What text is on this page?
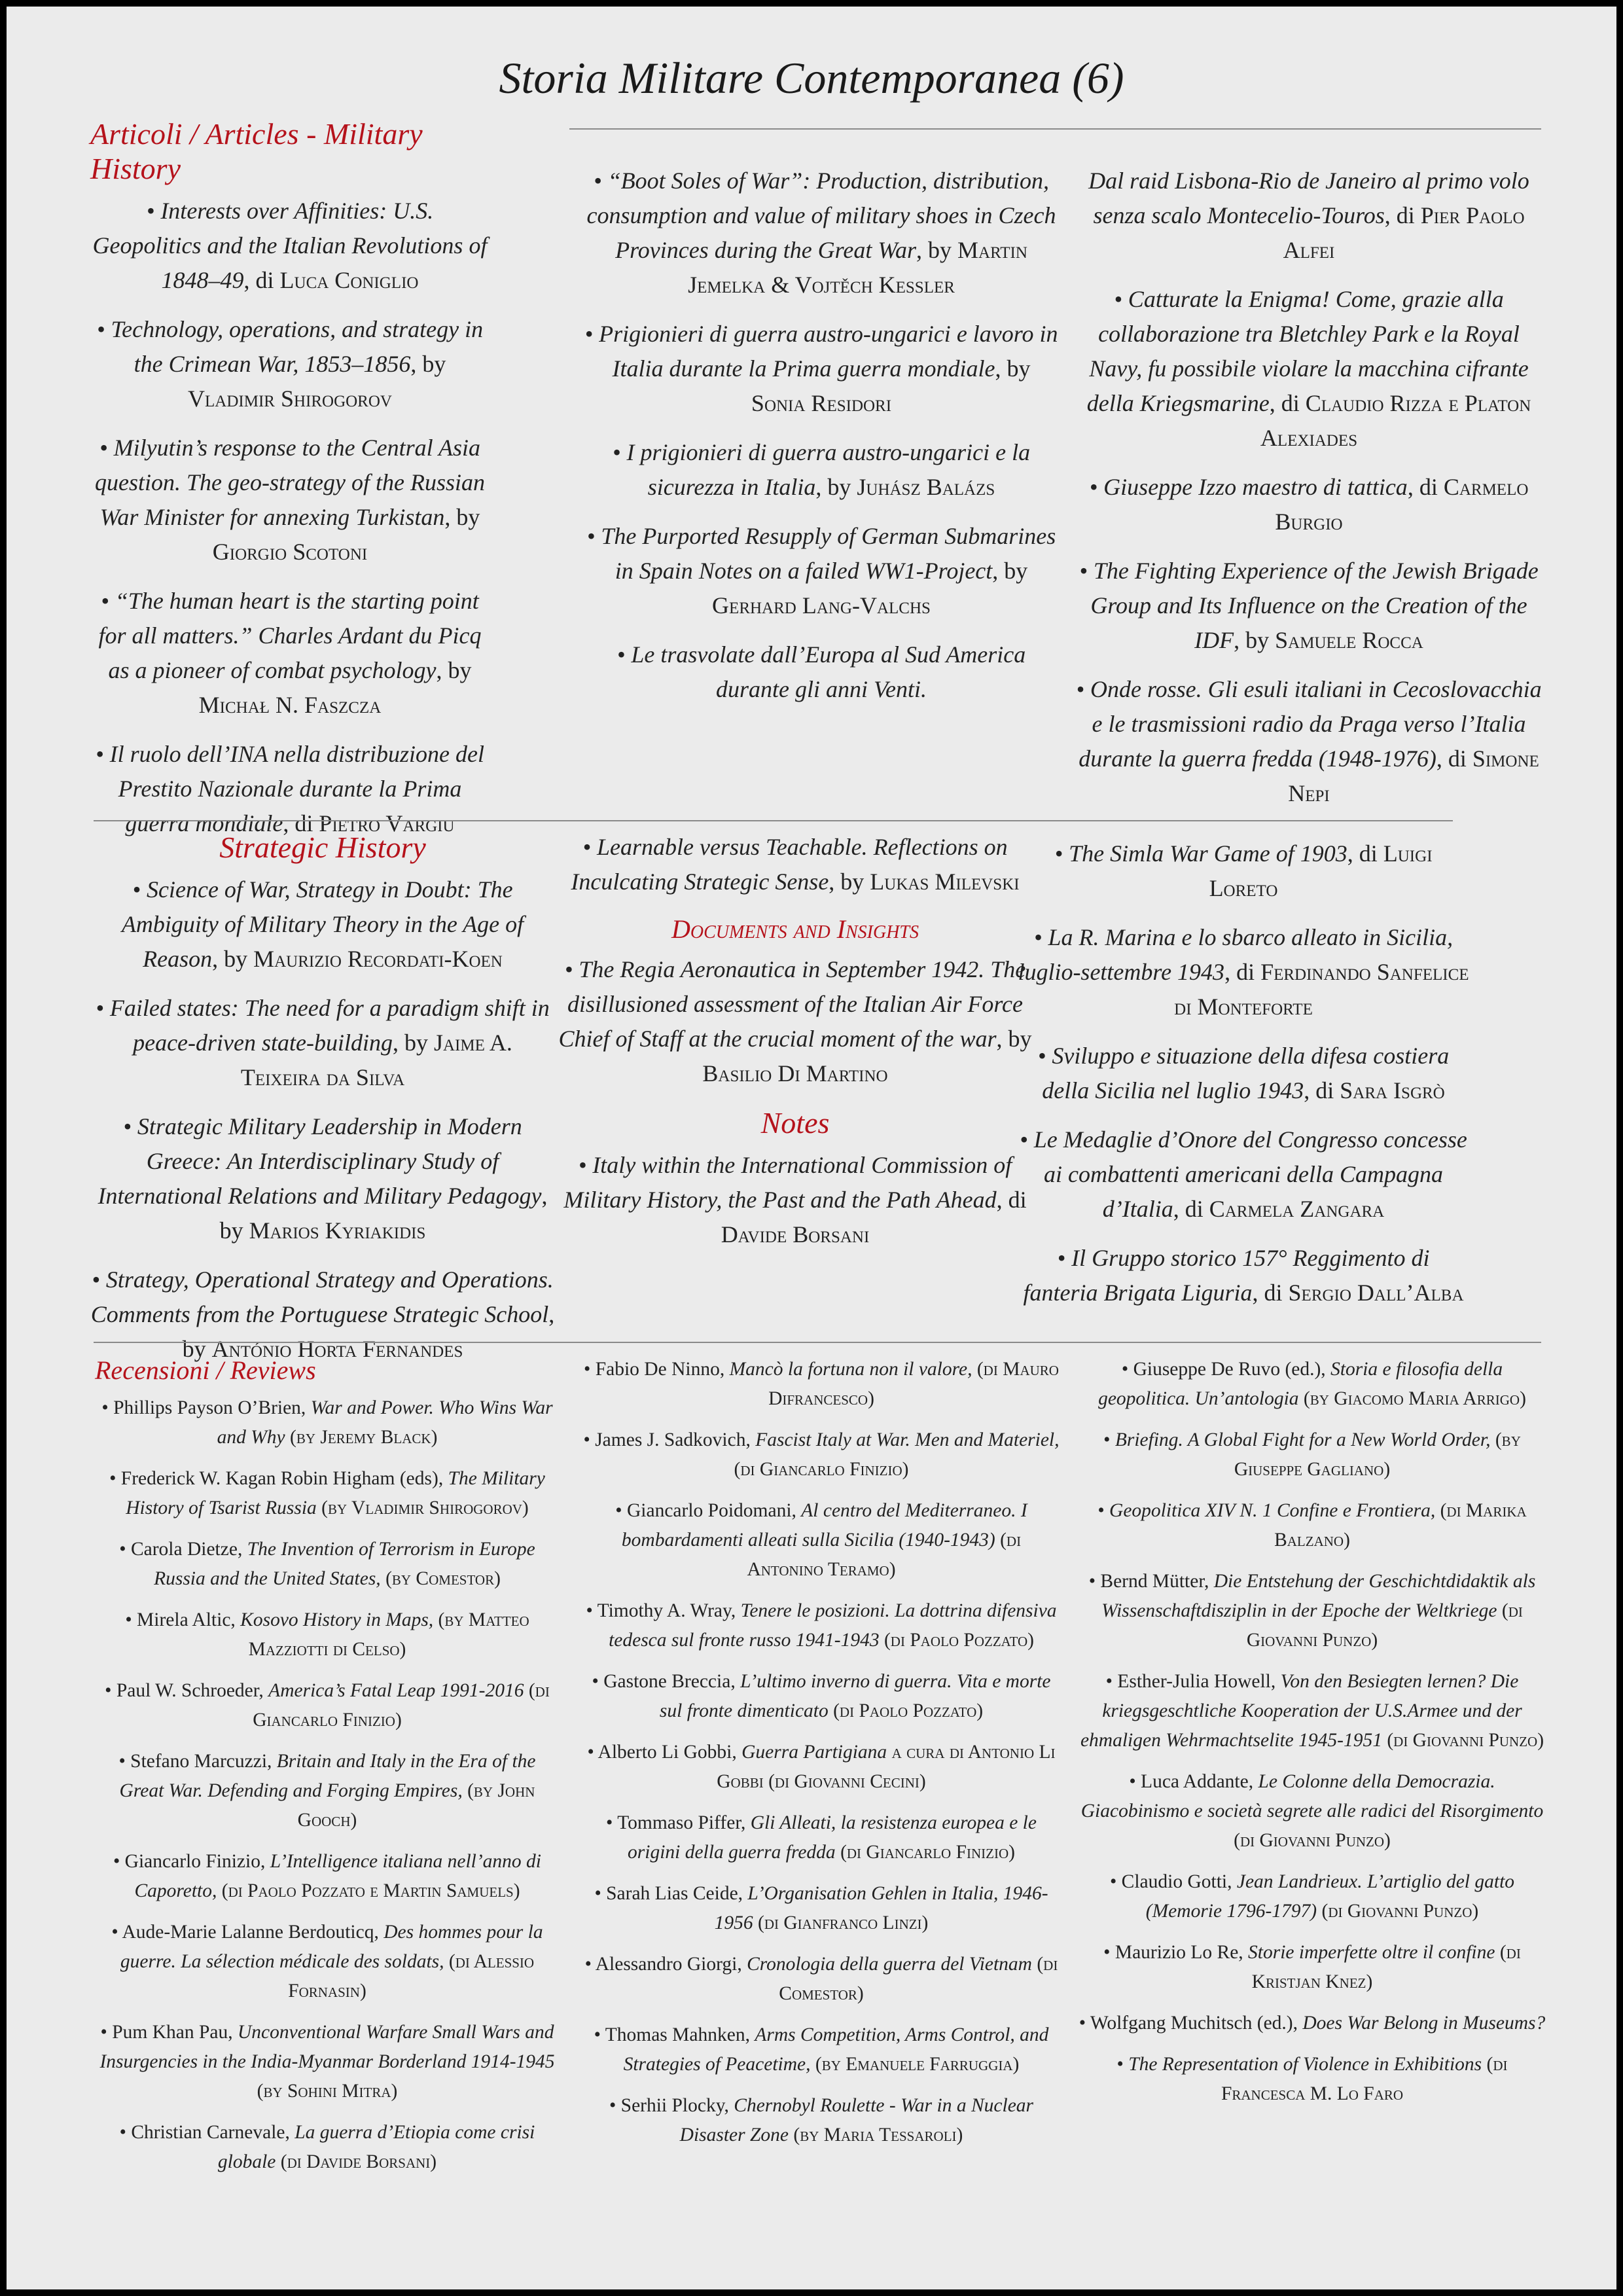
Storia Militare Contemporanea (6)
Articoli / Articles - Military History
• Interests over Affinities: U.S. Geopolitics and the Italian Revolutions of 1848–49, di Luca Coniglio
• Technology, operations, and strategy in the Crimean War, 1853–1856, by Vladimir Shirogorov
• Milyutin’s response to the Central Asia question. The geo-strategy of the Russian War Minister for annexing Turkistan, by Giorgio Scotoni
• “The human heart is the starting point for all matters.” Charles Ardant du Picq as a pioneer of combat psychology, by Michał N. Faszcza
• Il ruolo dell’INA nella distribuzione del Prestito Nazionale durante la Prima guerra mondiale, di Pietro Vargiu
• “Boot Soles of War”: Production, distribution, consumption and value of military shoes in Czech Provinces during the Great War, by Martin Jemelka & Vojtěch Kessler
• Prigionieri di guerra austro-ungarici e lavoro in Italia durante la Prima guerra mondiale, by Sonia Residori
• I prigionieri di guerra austro-ungarici e la sicurezza in Italia, by Juhász Balázs
• The Purported Resupply of German Submarines in Spain Notes on a failed WW1-Project, by Gerhard Lang-Valchs
• Le trasvolate dall’Europa al Sud America durante gli anni Venti.
Dal raid Lisbona-Rio de Janeiro al primo volo senza scalo Montecelio-Touros, di Pier Paolo Alfei
• Catturate la Enigma! Come, grazie alla collaborazione tra Bletchley Park e la Royal Navy, fu possibile violare la macchina cifrante della Kriegsmarine, di Claudio Rizza e Platon Alexiades
• Giuseppe Izzo maestro di tattica, di Carmelo Burgio
• The Fighting Experience of the Jewish Brigade Group and Its Influence on the Creation of the IDF, by Samuele Rocca
• Onde rosse. Gli esuli italiani in Cecoslovacchia e le trasmissioni radio da Praga verso l’Italia durante la guerra fredda (1948-1976), di Simone Nepi
Strategic History
• Science of War, Strategy in Doubt: The Ambiguity of Military Theory in the Age of Reason, by Maurizio Recordati-Koen
• Failed states: The need for a paradigm shift in peace-driven state-building, by Jaime A. Teixeira da Silva
• Strategic Military Leadership in Modern Greece: An Interdisciplinary Study of International Relations and Military Pedagogy, by Marios Kyriakidis
• Strategy, Operational Strategy and Operations. Comments from the Portuguese Strategic School, by António Horta Fernandes
• Learnable versus Teachable. Reflections on Inculcating Strategic Sense, by Lukas Milevski
Documents and Insights
• The Regia Aeronautica in September 1942. The disillusioned assessment of the Italian Air Force Chief of Staff at the crucial moment of the war, by Basilio Di Martino
Notes
• Italy within the International Commission of Military History, the Past and the Path Ahead, di Davide Borsani
• The Simla War Game of 1903, di Luigi Loreto
• La R. Marina e lo sbarco alleato in Sicilia, luglio-settembre 1943, di Ferdinando Sanfelice di Monteforte
• Sviluppo e situazione della difesa costiera della Sicilia nel luglio 1943, di Sara Isgrò
• Le Medaglie d’Onore del Congresso concesse ai combattenti americani della Campagna d’Italia, di Carmela Zangara
• Il Gruppo storico 157° Reggimento di fanteria Brigata Liguria, di Sergio Dall’Alba
Recensioni / Reviews
• Phillips Payson O’Brien, War and Power. Who Wins War and Why (by Jeremy Black)
• Frederick W. Kagan Robin Higham (eds), The Military History of Tsarist Russia (by Vladimir Shirogorov)
• Carola Dietze, The Invention of Terrorism in Europe Russia and the United States, (by Comestor)
• Mirela Altic, Kosovo History in Maps, (by Matteo Mazziotti di Celso)
• Paul W. Schroeder, America’s Fatal Leap 1991-2016 (di Giancarlo Finizio)
• Stefano Marcuzzi, Britain and Italy in the Era of the Great War. Defending and Forging Empires, (by John Gooch)
• Giancarlo Finizio, L’Intelligence italiana nell’anno di Caporetto, (di Paolo Pozzato e Martin Samuels)
• Aude-Marie Lalanne Berdouticq, Des hommes pour la guerre. La sélection médicale des soldats, (di Alessio Fornasin)
• Pum Khan Pau, Unconventional Warfare Small Wars and Insurgencies in the India-Myanmar Borderland 1914-1945 (by Sohini Mitra)
• Christian Carnevale, La guerra d’Etiopia come crisi globale (di Davide Borsani)
• Fabio De Ninno, Mancò la fortuna non il valore, (di Mauro Difrancesco)
• James J. Sadkovich, Fascist Italy at War. Men and Materiel, (di Giancarlo Finizio)
• Giancarlo Poidomani, Al centro del Mediterraneo. I bombardamenti alleati sulla Sicilia (1940-1943) (di Antonino Teramo)
• Timothy A. Wray, Tenere le posizioni. La dottrina difensiva tedesca sul fronte russo 1941-1943 (di Paolo Pozzato)
• Gastone Breccia, L’ultimo inverno di guerra. Vita e morte sul fronte dimenticato (di Paolo Pozzato)
• Alberto Li Gobbi, Guerra Partigiana a cura di Antonio Li Gobbi (di Giovanni Cecini)
• Tommaso Piffer, Gli Alleati, la resistenza europea e le origini della guerra fredda (di Giancarlo Finizio)
• Sarah Lias Ceide, L’Organisation Gehlen in Italia, 1946-1956 (di Gianfranco Linzi)
• Alessandro Giorgi, Cronologia della guerra del Vietnam (di Comestor)
• Thomas Mahnken, Arms Competition, Arms Control, and Strategies of Peacetime, (by Emanuele Farruggia)
• Serhii Plocky, Chernobyl Roulette - War in a Nuclear Disaster Zone (by Maria Tessaroli)
• Giuseppe De Ruvo (ed.), Storia e filosofia della geopolitica. Un’antologia (by Giacomo Maria Arrigo)
• Briefing. A Global Fight for a New World Order, (by Giuseppe Gagliano)
• Geopolitica XIV N. 1 Confine e Frontiera, (di Marika Balzano)
• Bernd Mütter, Die Entstehung der Geschichtdidaktik als Wissenschaftdisziplin in der Epoche der Weltkriege (di Giovanni Punzo)
• Esther-Julia Howell, Von den Besiegten lernen? Die kriegsgeschtliche Kooperation der U.S.Armee und der ehmaligen Wehrmachtselite 1945-1951 (di Giovanni Punzo)
• Luca Addante, Le Colonne della Democrazia. Giacobinismo e società segrete alle radici del Risorgimento (di Giovanni Punzo)
• Claudio Gotti, Jean Landrieux. L’artiglio del gatto (Memorie 1796-1797) (di Giovanni Punzo)
• Maurizio Lo Re, Storie imperfette oltre il confine (di Kristjan Knez)
• Wolfgang Muchitsch (ed.), Does War Belong in Museums?
• The Representation of Violence in Exhibitions (di Francesca M. Lo Faro
